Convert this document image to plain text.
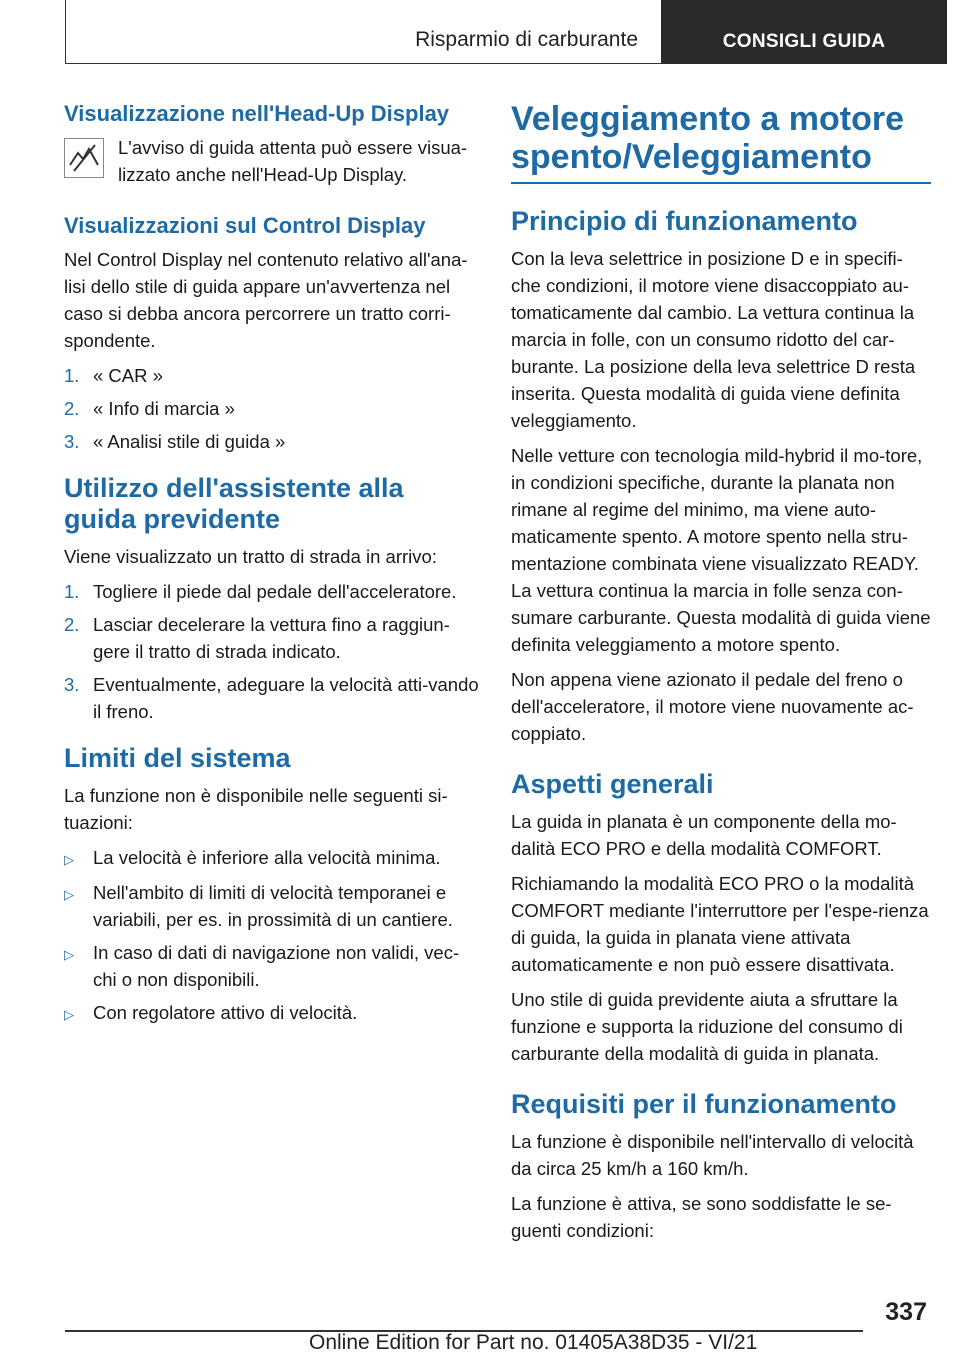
Risparmio di carburante	CONSIGLI GUIDA
Visualizzazione nell'Head-Up Display

L'avviso di guida attenta può essere visua-lizzato anche nell'Head-Up Display.

Visualizzazioni sul Control Display

Nel Control Display nel contenuto relativo all'ana-lisi dello stile di guida appare un'avvertenza nel caso si debba ancora percorrere un tratto corri-spondente.

1. « CAR »
2. « Info di marcia »
3. « Analisi stile di guida »
Utilizzo dell'assistente alla guida previdente

Viene visualizzato un tratto di strada in arrivo:

1. Togliere il piede dal pedale dell'acceleratore.
2. Lasciar decelerare la vettura fino a raggiun-gere il tratto di strada indicato.
3. Eventualmente, adeguare la velocità atti-vando il freno.
Limiti del sistema

La funzione non è disponibile nelle seguenti si-tuazioni:

▷	La velocità è inferiore alla velocità minima.
▷	Nell'ambito di limiti di velocità temporanei e variabili, per es. in prossimità di un cantiere.
▷	In caso di dati di navigazione non validi, vec-chi o non disponibili.
▷	Con regolatore attivo di velocità.
Veleggiamento a motore spento/Veleggiamento
Principio di funzionamento

Con la leva selettrice in posizione D e in specifi-che condizioni, il motore viene disaccoppiato au-tomaticamente dal cambio. La vettura continua la marcia in folle, con un consumo ridotto del car-burante. La posizione della leva selettrice D resta inserita. Questa modalità di guida viene definita veleggiamento.

Nelle vetture con tecnologia mild-hybrid il mo-tore, in condizioni specifiche, durante la planata non rimane al regime del minimo, ma viene auto-maticamente spento. A motore spento nella stru-mentazione combinata viene visualizzato READY. La vettura continua la marcia in folle senza con-sumare carburante. Questa modalità di guida viene definita veleggiamento a motore spento.

Non appena viene azionato il pedale del freno o dell'acceleratore, il motore viene nuovamente ac-coppiato.

Aspetti generali

La guida in planata è un componente della mo-dalità ECO PRO e della modalità COMFORT.

Richiamando la modalità ECO PRO o la modalità COMFORT mediante l'interruttore per l'espe-rienza di guida, la guida in planata viene attivata automaticamente e non può essere disattivata.

Uno stile di guida previdente aiuta a sfruttare la funzione e supporta la riduzione del consumo di carburante della modalità di guida in planata.

Requisiti per il funzionamento

La funzione è disponibile nell'intervallo di velocità da circa 25 km/h a 160 km/h.

La funzione è attiva, se sono soddisfatte le se-guenti condizioni:

337
Online Edition for Part no. 01405A38D35 - VI/21
